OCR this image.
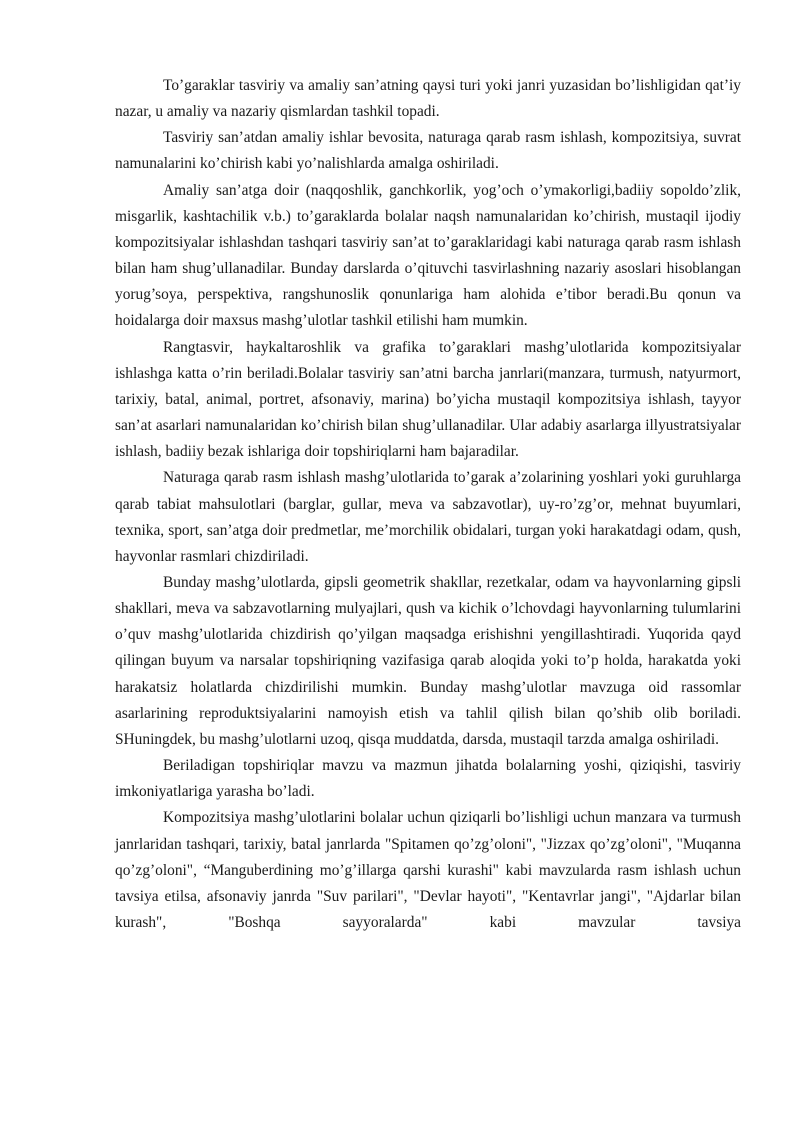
To’garaklar tasviriy va amaliy san’atning qaysi turi yoki janri yuzasidan bo’lishligidan qat’iy nazar, u amaliy va nazariy qismlardan tashkil topadi.

Tasviriy san’atdan amaliy ishlar bevosita, naturaga qarab rasm ishlash, kompozitsiya, suvrat namunalarini ko’chirish kabi yo’nalishlarda amalga oshiriladi.

Amaliy san’atga doir (naqqoshlik, ganchkorlik, yog’och o’ymakorligi,badiiy sopoldo’zlik, misgarlik, kashtachilik v.b.) to’garaklarda bolalar naqsh namunalaridan ko’chirish, mustaqil ijodiy kompozitsiyalar ishlashdan tashqari tasviriy san’at to’garaklaridagi kabi naturaga qarab rasm ishlash bilan ham shug’ullanadilar. Bunday darslarda o’qituvchi tasvirlashning nazariy asoslari hisoblangan yorug’soya, perspektiva, rangshunoslik qonunlariga ham alohida e’tibor beradi.Bu qonun va hoidalarga doir maxsus mashg’ulotlar tashkil etilishi ham mumkin.

Rangtasvir, haykaltaroshlik va grafika to’garaklari mashg’ulotlarida kompozitsiyalar ishlashga katta o’rin beriladi.Bolalar tasviriy san’atni barcha janrlari(manzara, turmush, natyurmort, tarixiy, batal, animal, portret, afsonaviy, marina) bo’yicha mustaqil kompozitsiya ishlash, tayyor san’at asarlari namunalaridan ko’chirish bilan shug’ullanadilar. Ular adabiy asarlarga illyustratsiyalar ishlash, badiiy bezak ishlariga doir topshiriqlarni ham bajaradilar.

Naturaga qarab rasm ishlash mashg’ulotlarida to’garak a’zolarining yoshlari yoki guruhlarga qarab tabiat mahsulotlari (barglar, gullar, meva va sabzavotlar), uy-ro’zg’or, mehnat buyumlari, texnika, sport, san’atga doir predmetlar, me’morchilik obidalari, turgan yoki harakatdagi odam, qush, hayvonlar rasmlari chizdiriladi.

Bunday mashg’ulotlarda, gipsli geometrik shakllar, rezetkalar, odam va hayvonlarning gipsli shakllari, meva va sabzavotlarning mulyajlari, qush va kichik o’lchovdagi hayvonlarning tulumlarini o’quv mashg’ulotlarida chizdirish qo’yilgan maqsadga erishishni yengillashtiradi. Yuqorida qayd qilingan buyum va narsalar topshiriqning vazifasiga qarab aloqida yoki to’p holda, harakatda yoki harakatsiz holatlarda chizdirilishi mumkin. Bunday mashg’ulotlar mavzuga oid rassomlar asarlarining reproduktsiyalarini namoyish etish va tahlil qilish bilan qo’shib olib boriladi. SHuningdek, bu mashg’ulotlarni uzoq, qisqa muddatda, darsda, mustaqil tarzda amalga oshiriladi.

Beriladigan topshiriqlar mavzu va mazmun jihatda bolalarning yoshi, qiziqishi, tasviriy imkoniyatlariga yarasha bo’ladi.

Kompozitsiya mashg’ulotlarini bolalar uchun qiziqarli bo’lishligi uchun manzara va turmush janrlaridan tashqari, tarixiy, batal janrlarda "Spitamen qo’zg’oloni", "Jizzax qo’zg’oloni", "Muqanna qo’zg’oloni", “Manguberdining mo’g’illarga qarshi kurashi" kabi mavzularda rasm ishlash uchun tavsiya etilsa, afsonaviy janrda "Suv parilari", "Devlar hayoti", "Kentavrlar jangi", "Ajdarlar bilan kurash", "Boshqa sayyoralarda" kabi mavzular tavsiya
